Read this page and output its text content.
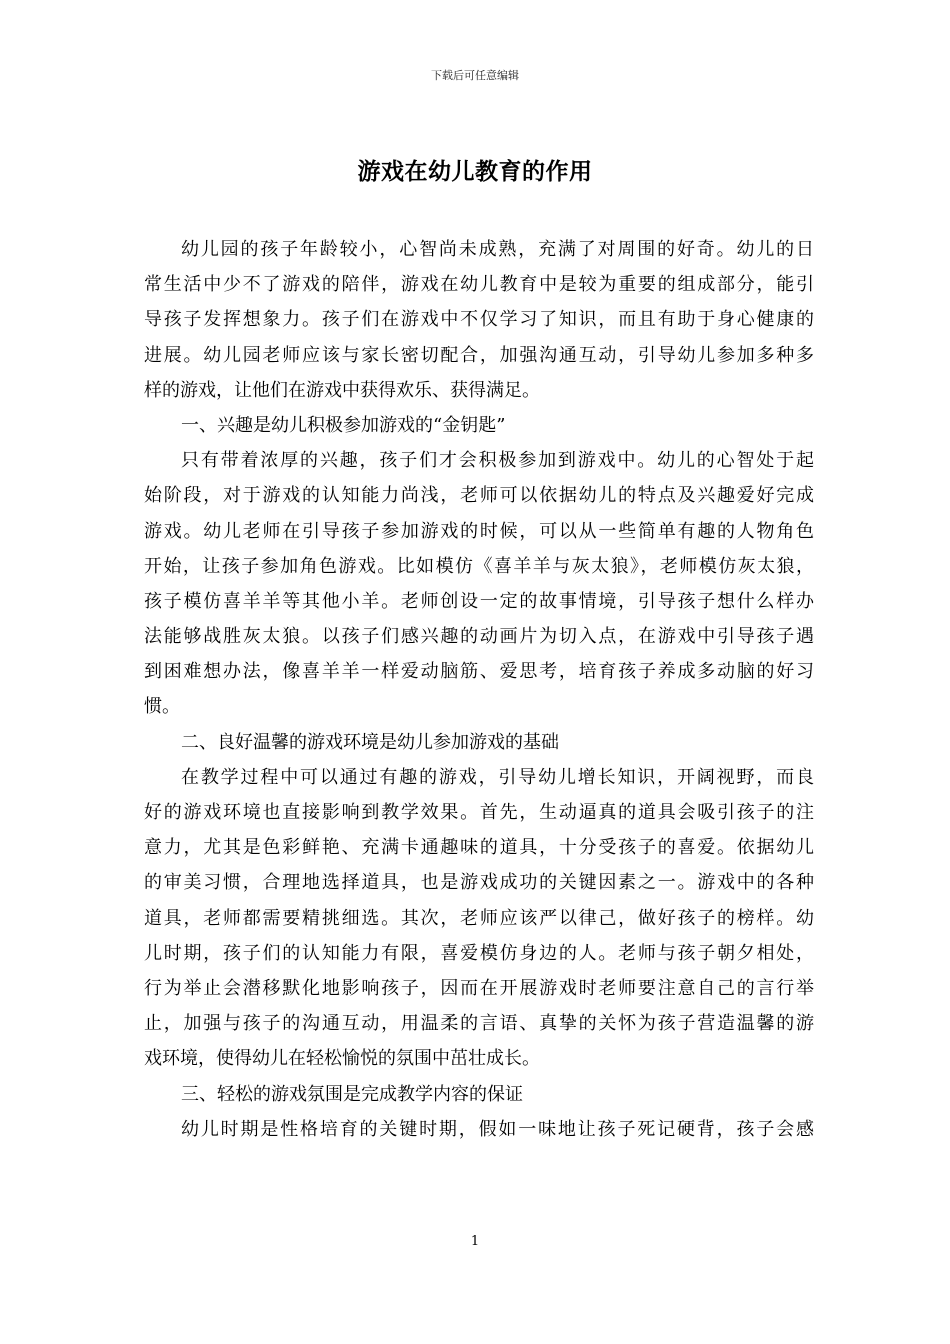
下载后可任意编辑
游戏在幼儿教育的作用
幼儿园的孩子年龄较小，心智尚未成熟，充满了对周围的好奇。幼儿的日
常生活中少不了游戏的陪伴，游戏在幼儿教育中是较为重要的组成部分，能引
导孩子发挥想象力。孩子们在游戏中不仅学习了知识，而且有助于身心健康的
进展。幼儿园老师应该与家长密切配合，加强沟通互动，引导幼儿参加多种多
样的游戏，让他们在游戏中获得欢乐、获得满足。
一、兴趣是幼儿积极参加游戏的“金钥匙”
只有带着浓厚的兴趣，孩子们才会积极参加到游戏中。幼儿的心智处于起
始阶段，对于游戏的认知能力尚浅，老师可以依据幼儿的特点及兴趣爱好完成
游戏。幼儿老师在引导孩子参加游戏的时候，可以从一些简单有趣的人物角色
开始，让孩子参加角色游戏。比如模仿《喜羊羊与灰太狼》，老师模仿灰太狼，
孩子模仿喜羊羊等其他小羊。老师创设一定的故事情境，引导孩子想什么样办
法能够战胜灰太狼。以孩子们感兴趣的动画片为切入点，在游戏中引导孩子遇
到困难想办法，像喜羊羊一样爱动脑筋、爱思考，培育孩子养成多动脑的好习
惯。
二、良好温馨的游戏环境是幼儿参加游戏的基础
在教学过程中可以通过有趣的游戏，引导幼儿增长知识，开阔视野，而良
好的游戏环境也直接影响到教学效果。首先，生动逼真的道具会吸引孩子的注
意力，尤其是色彩鲜艳、充满卡通趣味的道具，十分受孩子的喜爱。依据幼儿
的审美习惯，合理地选择道具，也是游戏成功的关键因素之一。游戏中的各种
道具，老师都需要精挑细选。其次，老师应该严以律己，做好孩子的榜样。幼
儿时期，孩子们的认知能力有限，喜爱模仿身边的人。老师与孩子朝夕相处，
行为举止会潜移默化地影响孩子，因而在开展游戏时老师要注意自己的言行举
止，加强与孩子的沟通互动，用温柔的言语、真挚的关怀为孩子营造温馨的游
戏环境，使得幼儿在轻松愉悦的氛围中茁壮成长。
三、轻松的游戏氛围是完成教学内容的保证
幼儿时期是性格培育的关键时期，假如一味地让孩子死记硬背，孩子会感
1
